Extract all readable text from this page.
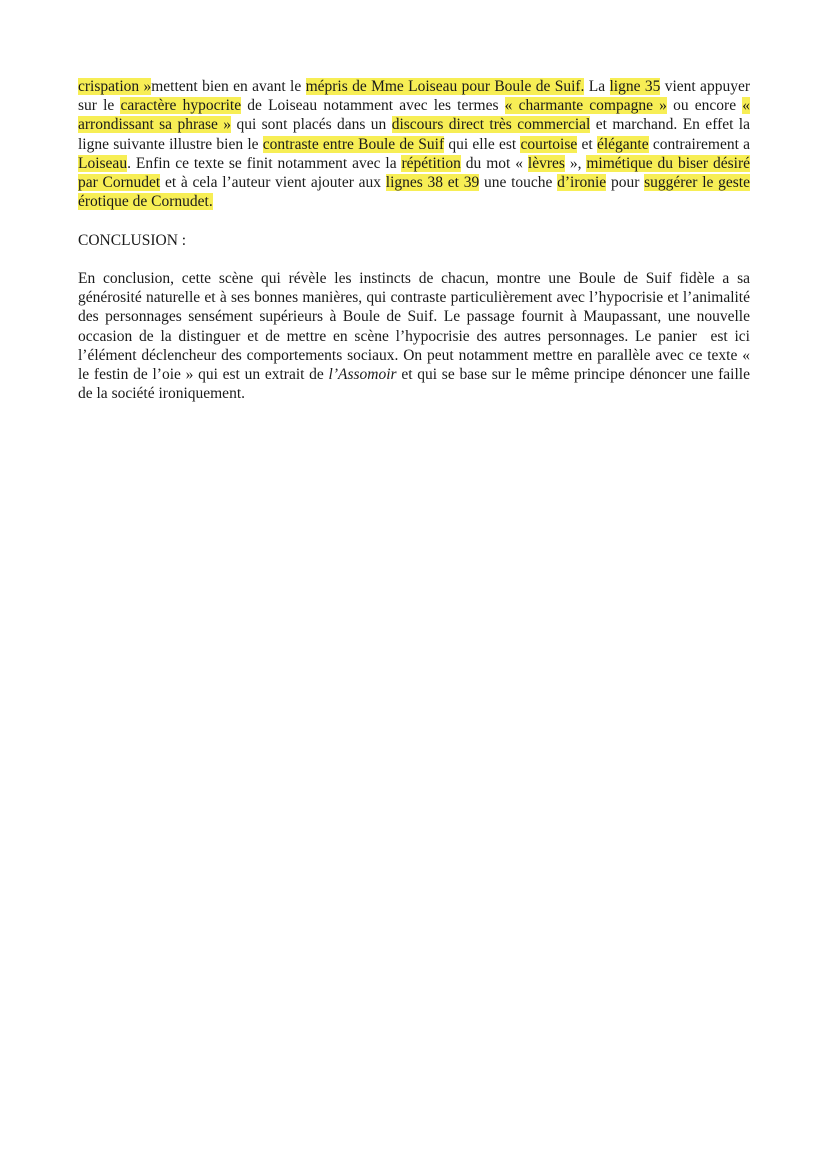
crispation »mettent bien en avant le mépris de Mme Loiseau pour Boule de Suif. La ligne 35 vient appuyer sur le caractère hypocrite de Loiseau notamment avec les termes « charmante compagne » ou encore « arrondissant sa phrase » qui sont placés dans un discours direct très commercial et marchand. En effet la ligne suivante illustre bien le contraste entre Boule de Suif qui elle est courtoise et élégante contrairement a Loiseau. Enfin ce texte se finit notamment avec la répétition du mot « lèvres », mimétique du biser désiré par Cornudet et à cela l’auteur vient ajouter aux lignes 38 et 39 une touche d’ironie pour suggérer le geste érotique de Cornudet.

CONCLUSION :

En conclusion, cette scène qui révèle les instincts de chacun, montre une Boule de Suif fidèle a sa générosité naturelle et à ses bonnes manières, qui contraste particulièrement avec l’hypocrisie et l’animalité des personnages sensément supérieurs à Boule de Suif. Le passage fournit à Maupassant, une nouvelle occasion de la distinguer et de mettre en scène l’hypocrisie des autres personnages. Le panier  est ici l’élément déclencheur des comportements sociaux. On peut notamment mettre en parallèle avec ce texte « le festin de l’oie » qui est un extrait de l’Assomoir et qui se base sur le même principe dénoncer une faille de la société ironiquement.
